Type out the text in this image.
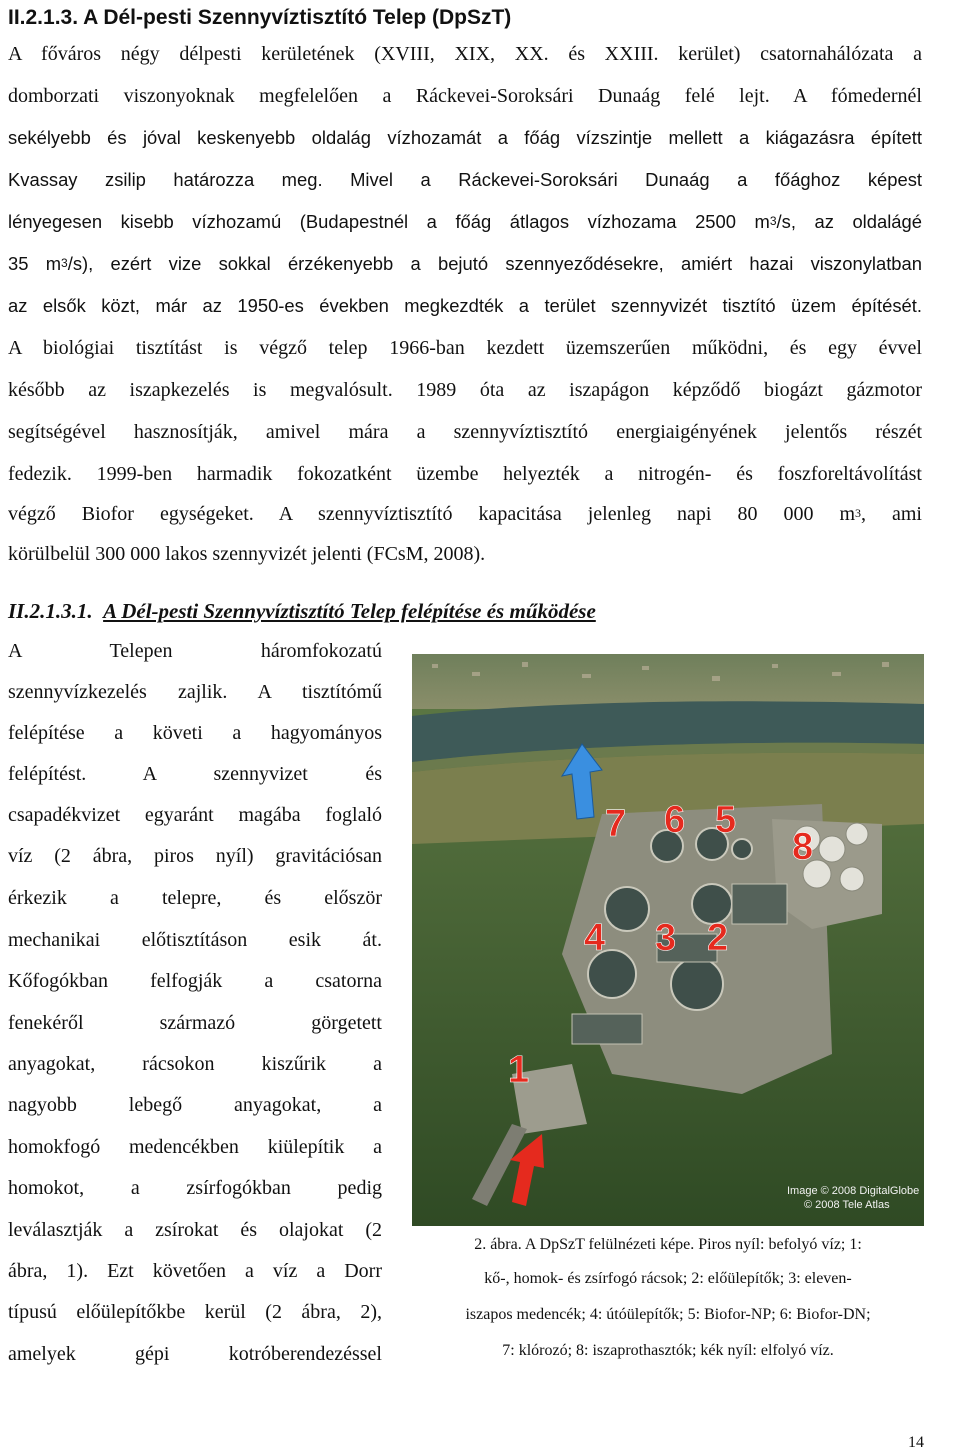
II.2.1.3. A Dél-pesti Szennyvíztisztító Telep (DpSzT)
A főváros négy délpesti kerületének (XVIII, XIX, XX. és XXIII. kerület) csatornahálózata a
domborzati viszonyoknak megfelelően a Ráckevei-Soroksári Dunaág felé lejt. A fómedernél
sekélyebb és jóval keskenyebb oldalág vízhozamát a főág vízszintje mellett a kiágazásra épített
Kvassay zsilip határozza meg. Mivel a Ráckevei-Soroksári Dunaág a főághoz képest
lényegesen kisebb vízhozamú (Budapestnél a főág átlagos vízhozama 2500 $m^3/s$, az oldalágé
35 $m^3/s$), ezért vize sokkal érzékenyebb a bejutó szennyeződésekre, amiért hazai viszonylatban
az elsők közt, már az 1950-es években megkezdték a terület szennyvizét tisztító üzem építését.
A biológiai tisztítást is végző telep 1966-ban kezdett üzemszerűen működni, és egy évvel
később az iszapkezelés is megvalósult. 1989 óta az iszapágon képződő biogázt gázmotor
segítségével hasznosítják, amivel mára a szennyvíztisztító energiaigényének jelentős részét
fedezik. 1999-ben harmadik fokozatként üzembe helyezték a nitrogén- és foszforeltávolítást
végző Biofor egységeket. A szennyvíztisztító kapacitása jelenleg napi 80 000 $m^3$, ami
körülbelül 300 000 lakos szennyvizét jelenti (FCsM, 2008).
II.2.1.3.1. A Dél-pesti Szennyvíztisztító Telep felépítése és működése
A Telepen háromfokozatú
szennyvízkezelés zajlik. A tisztítómű
felépítése a követi a hagyományos
felépítést. A szennyvizet és
csapadékvizet egyaránt magába foglaló
víz (2 ábra, piros nyíl) gravitációsan
érkezik a telepre, és először
mechanikai előtisztításon esik át.
Kőfogókban felfogják a csatorna
fenekéről származó görgetett
anyagokat, rácsokon kiszűrik a
nagyobb lebegő anyagokat, a
homokfogó medencékben kiülepítik a
homokot, a zsírfogókban pedig
leválasztják a zsírokat és olajokat (2
ábra, 1). Ezt követően a víz a Dorr
típusú előülepítőkbe kerül (2 ábra, 2),
amelyek gépi kotróberendezéssel
7 6 5
8
4 3 2
1
Image © 2008 DigitalGlobe
© 2008 Tele Atlas
2. ábra. A DpSzT felülnézeti képe. Piros nyíl: befolyó víz; 1:
kő-, homok- és zsírfogó rácsok; 2: előülepítők; 3: eleven-
iszapos medencék; 4: útóülepítők; 5: Biofor-NP; 6: Biofor-DN;
7: klórozó; 8: iszaprothasztók; kék nyíl: elfolyó víz.
14
